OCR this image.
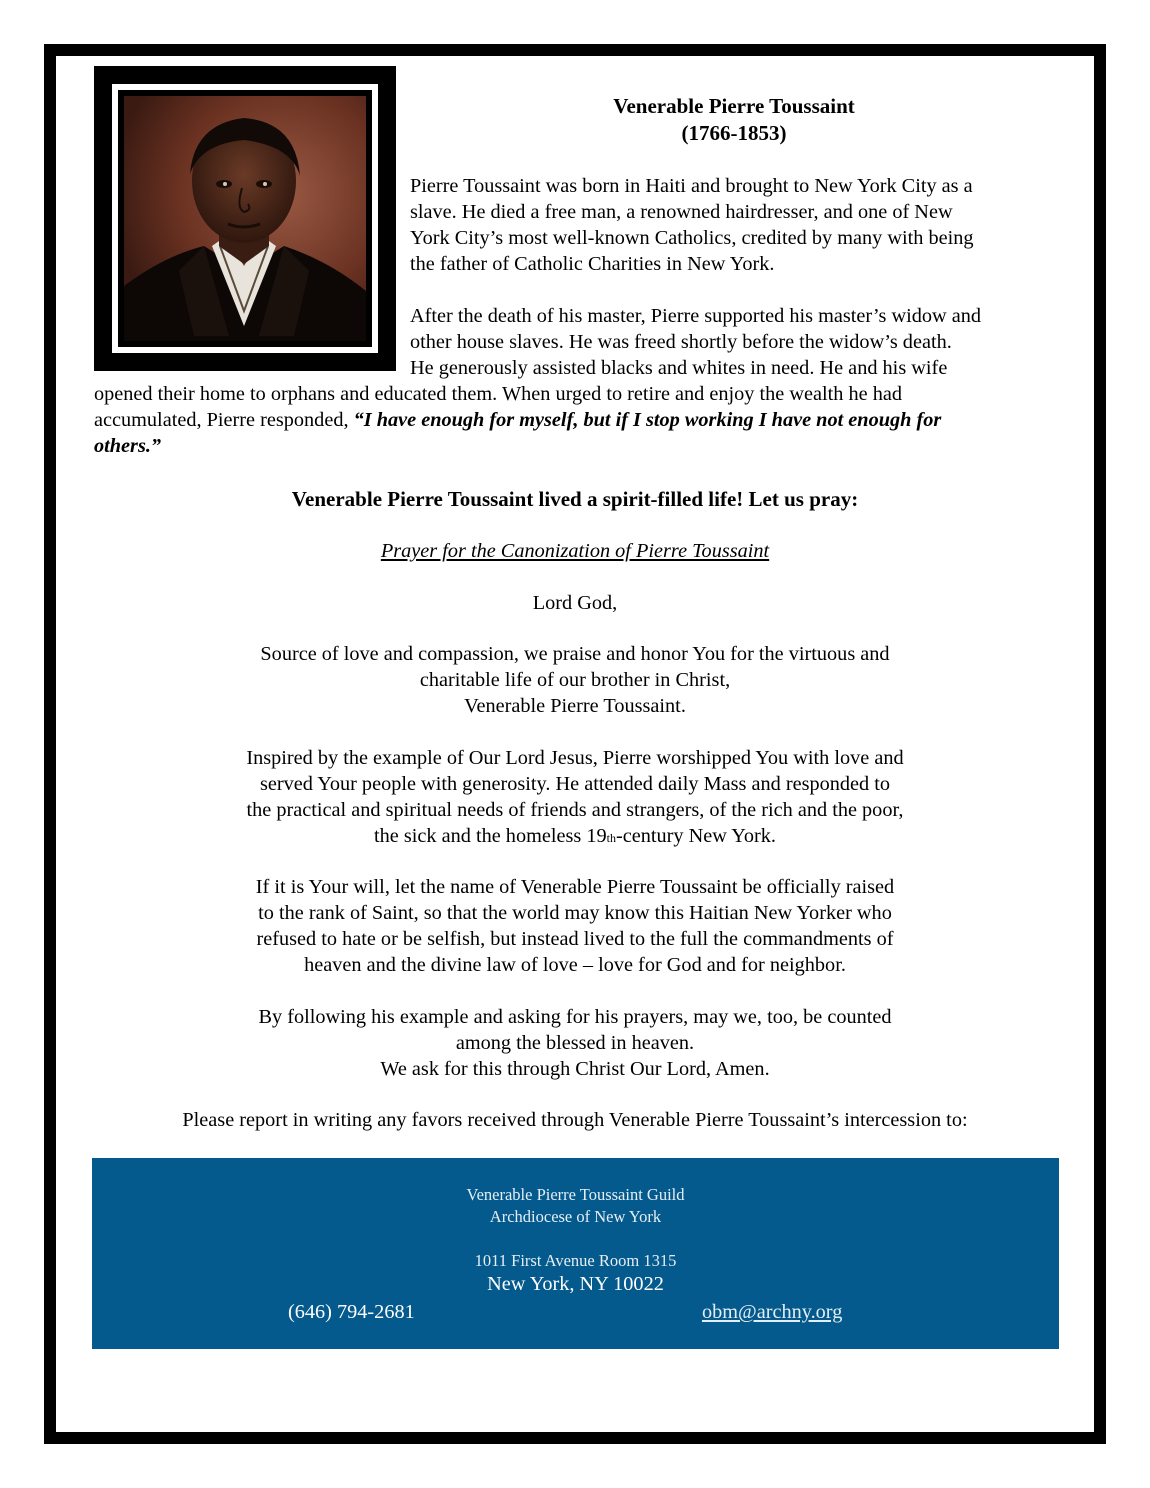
Venerable Pierre Toussaint
(1766-1853)
Pierre Toussaint was born in Haiti and brought to New York City as a
slave. He died a free man, a renowned hairdresser, and one of New
York City’s most well-known Catholics, credited by many with being
the father of Catholic Charities in New York.
After the death of his master, Pierre supported his master’s widow and
other house slaves. He was freed shortly before the widow’s death.
He generously assisted blacks and whites in need. He and his wife
opened their home to orphans and educated them. When urged to retire and enjoy the wealth he had
accumulated, Pierre responded, “I have enough for myself, but if I stop working I have not enough for
others.”
Venerable Pierre Toussaint lived a spirit-filled life! Let us pray:
Prayer for the Canonization of Pierre Toussaint
Lord God,
Source of love and compassion, we praise and honor You for the virtuous and
charitable life of our brother in Christ,
Venerable Pierre Toussaint.
Inspired by the example of Our Lord Jesus, Pierre worshipped You with love and
served Your people with generosity. He attended daily Mass and responded to
the practical and spiritual needs of friends and strangers, of the rich and the poor,
the sick and the homeless 19th-century New York.
If it is Your will, let the name of Venerable Pierre Toussaint be officially raised
to the rank of Saint, so that the world may know this Haitian New Yorker who
refused to hate or be selfish, but instead lived to the full the commandments of
heaven and the divine law of love – love for God and for neighbor.
By following his example and asking for his prayers, may we, too, be counted
among the blessed in heaven.
We ask for this through Christ Our Lord, Amen.
Please report in writing any favors received through Venerable Pierre Toussaint’s intercession to:
Venerable Pierre Toussaint Guild
Archdiocese of New York
1011 First Avenue Room 1315
New York, NY 10022
(646) 794-2681	obm@archny.org
